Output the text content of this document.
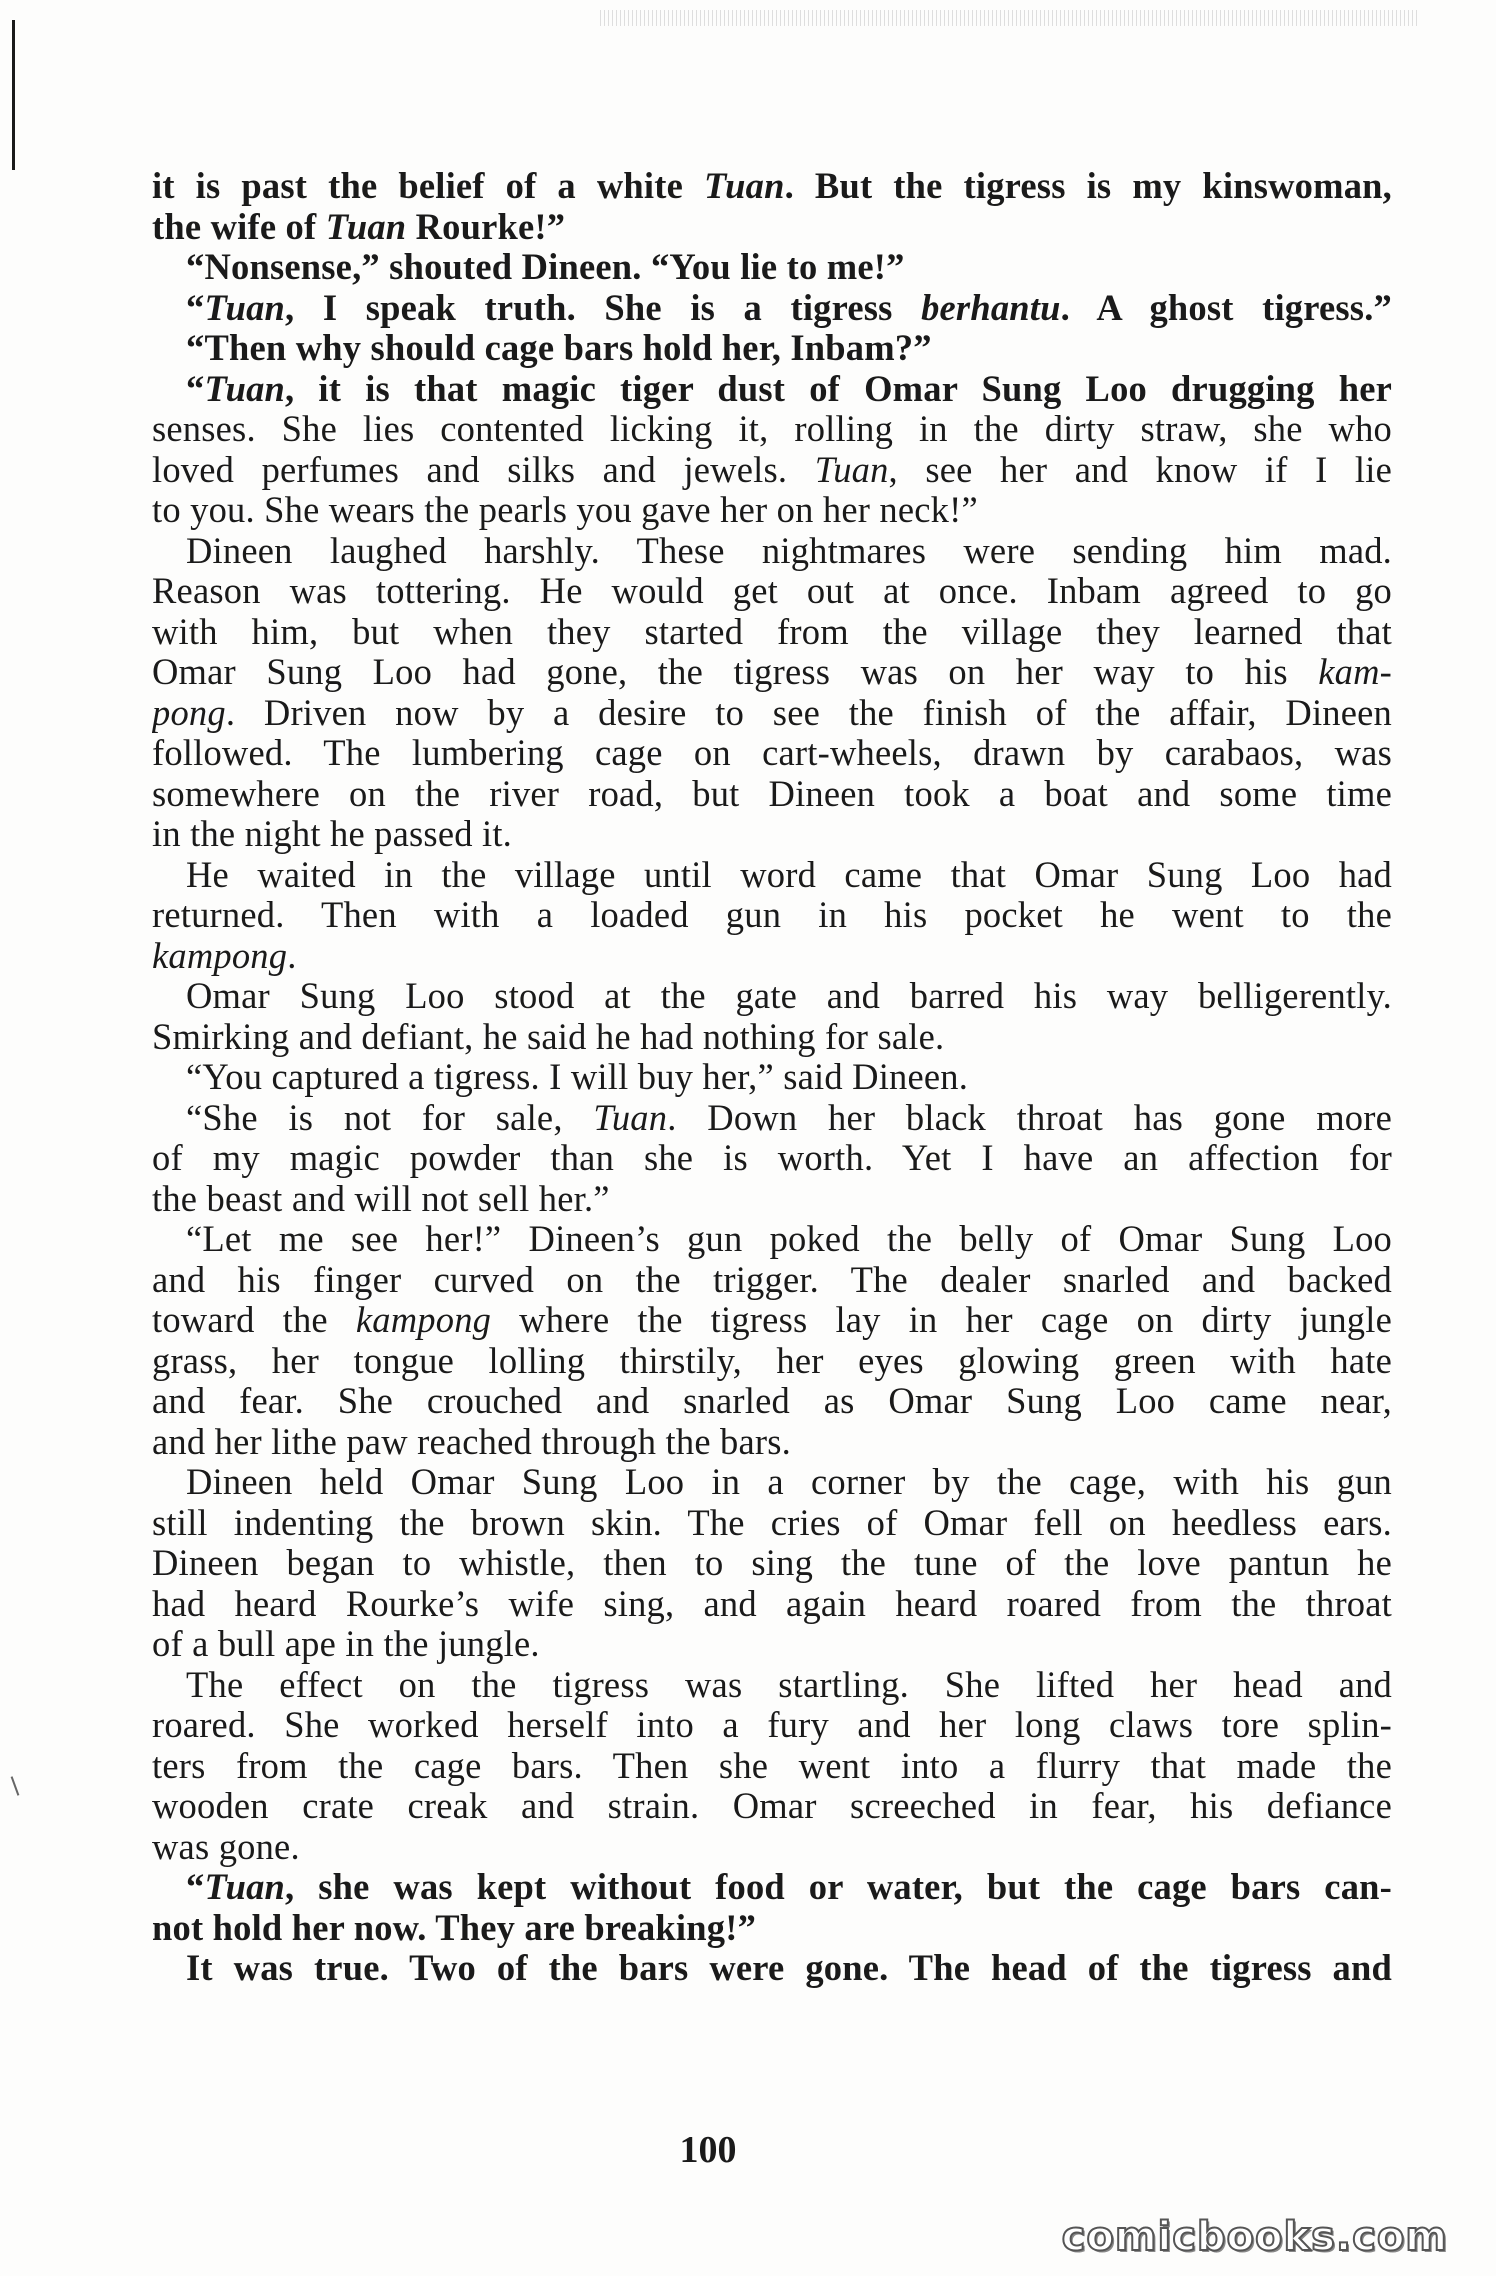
it is past the belief of a white Tuan. But the tigress is my kinswoman,
the wife of Tuan Rourke!”
“Nonsense,” shouted Dineen. “You lie to me!”
“Tuan, I speak truth. She is a tigress berhantu. A ghost tigress.”
“Then why should cage bars hold her, Inbam?”
“Tuan, it is that magic tiger dust of Omar Sung Loo drugging her
senses. She lies contented licking it, rolling in the dirty straw, she who
loved perfumes and silks and jewels. Tuan, see her and know if I lie
to you. She wears the pearls you gave her on her neck!”
Dineen laughed harshly. These nightmares were sending him mad.
Reason was tottering. He would get out at once. Inbam agreed to go
with him, but when they started from the village they learned that
Omar Sung Loo had gone, the tigress was on her way to his kam-
pong. Driven now by a desire to see the finish of the affair, Dineen
followed. The lumbering cage on cart-wheels, drawn by carabaos, was
somewhere on the river road, but Dineen took a boat and some time
in the night he passed it.
He waited in the village until word came that Omar Sung Loo had
returned. Then with a loaded gun in his pocket he went to the
kampong.
Omar Sung Loo stood at the gate and barred his way belligerently.
Smirking and defiant, he said he had nothing for sale.
“You captured a tigress. I will buy her,” said Dineen.
“She is not for sale, Tuan. Down her black throat has gone more
of my magic powder than she is worth. Yet I have an affection for
the beast and will not sell her.”
“Let me see her!” Dineen’s gun poked the belly of Omar Sung Loo
and his finger curved on the trigger. The dealer snarled and backed
toward the kampong where the tigress lay in her cage on dirty jungle
grass, her tongue lolling thirstily, her eyes glowing green with hate
and fear. She crouched and snarled as Omar Sung Loo came near,
and her lithe paw reached through the bars.
Dineen held Omar Sung Loo in a corner by the cage, with his gun
still indenting the brown skin. The cries of Omar fell on heedless ears.
Dineen began to whistle, then to sing the tune of the love pantun he
had heard Rourke’s wife sing, and again heard roared from the throat
of a bull ape in the jungle.
The effect on the tigress was startling. She lifted her head and
roared. She worked herself into a fury and her long claws tore splin-
ters from the cage bars. Then she went into a flurry that made the
wooden crate creak and strain. Omar screeched in fear, his defiance
was gone.
“Tuan, she was kept without food or water, but the cage bars can-
not hold her now. They are breaking!”
It was true. Two of the bars were gone. The head of the tigress and
100
comicbooks.com
